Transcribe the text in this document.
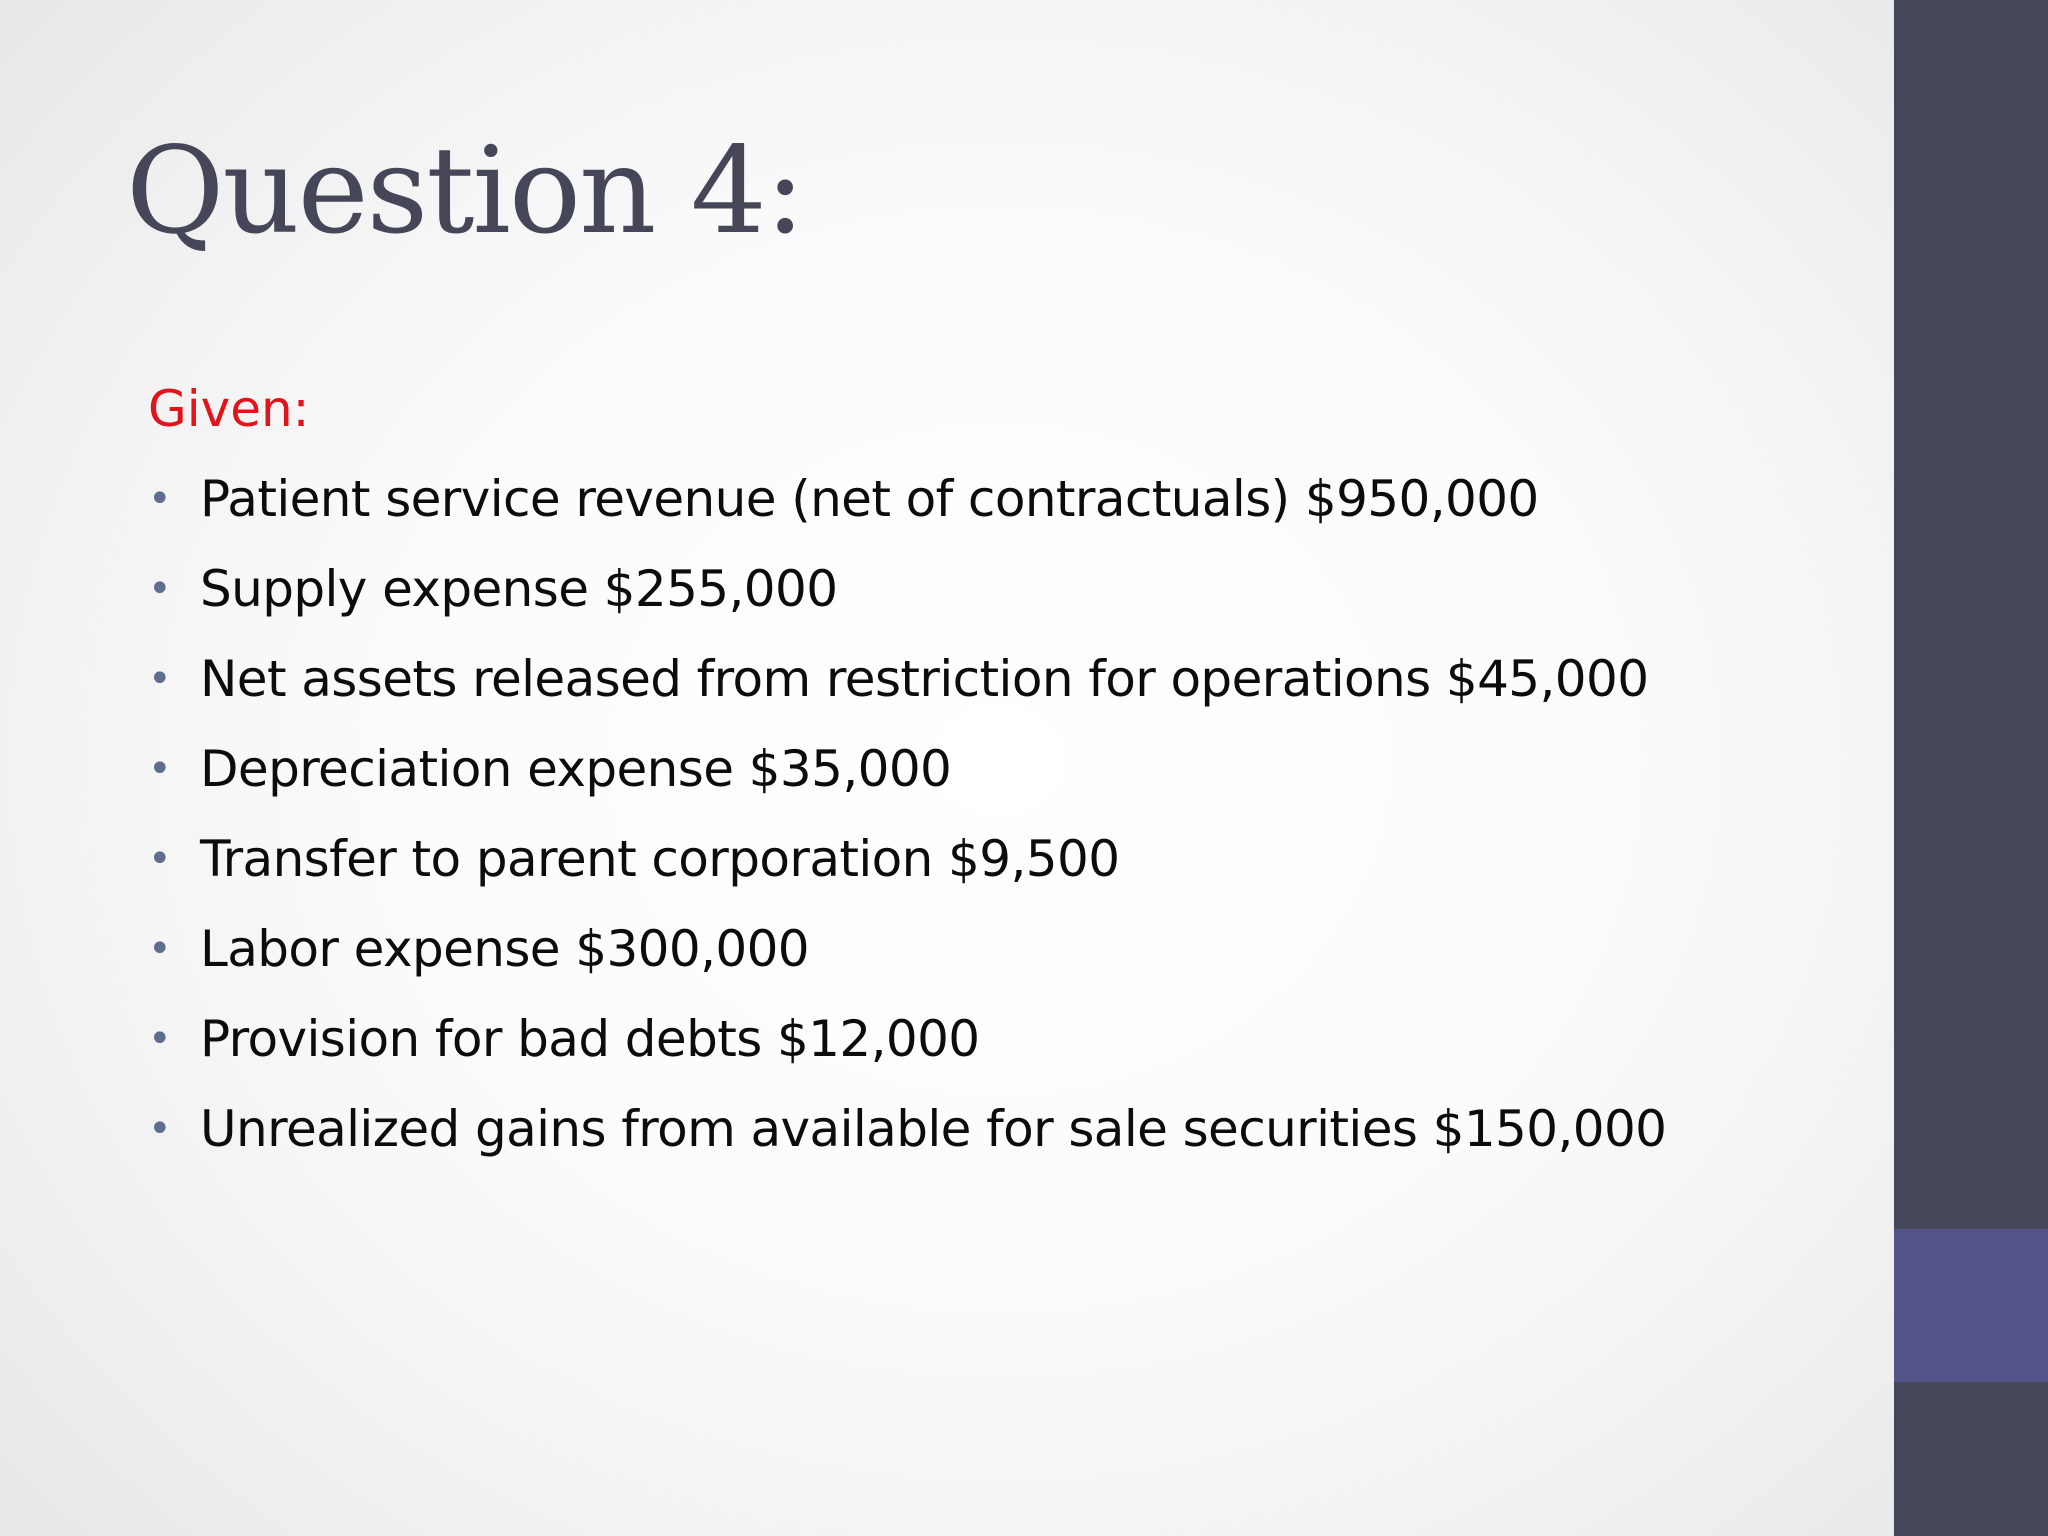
Question 4:
Given:
• Patient service revenue (net of contractuals) $950,000
• Supply expense $255,000
• Net assets released from restriction for operations $45,000
• Depreciation expense $35,000
• Transfer to parent corporation $9,500
• Labor expense $300,000
• Provision for bad debts $12,000
• Unrealized gains from available for sale securities $150,000
